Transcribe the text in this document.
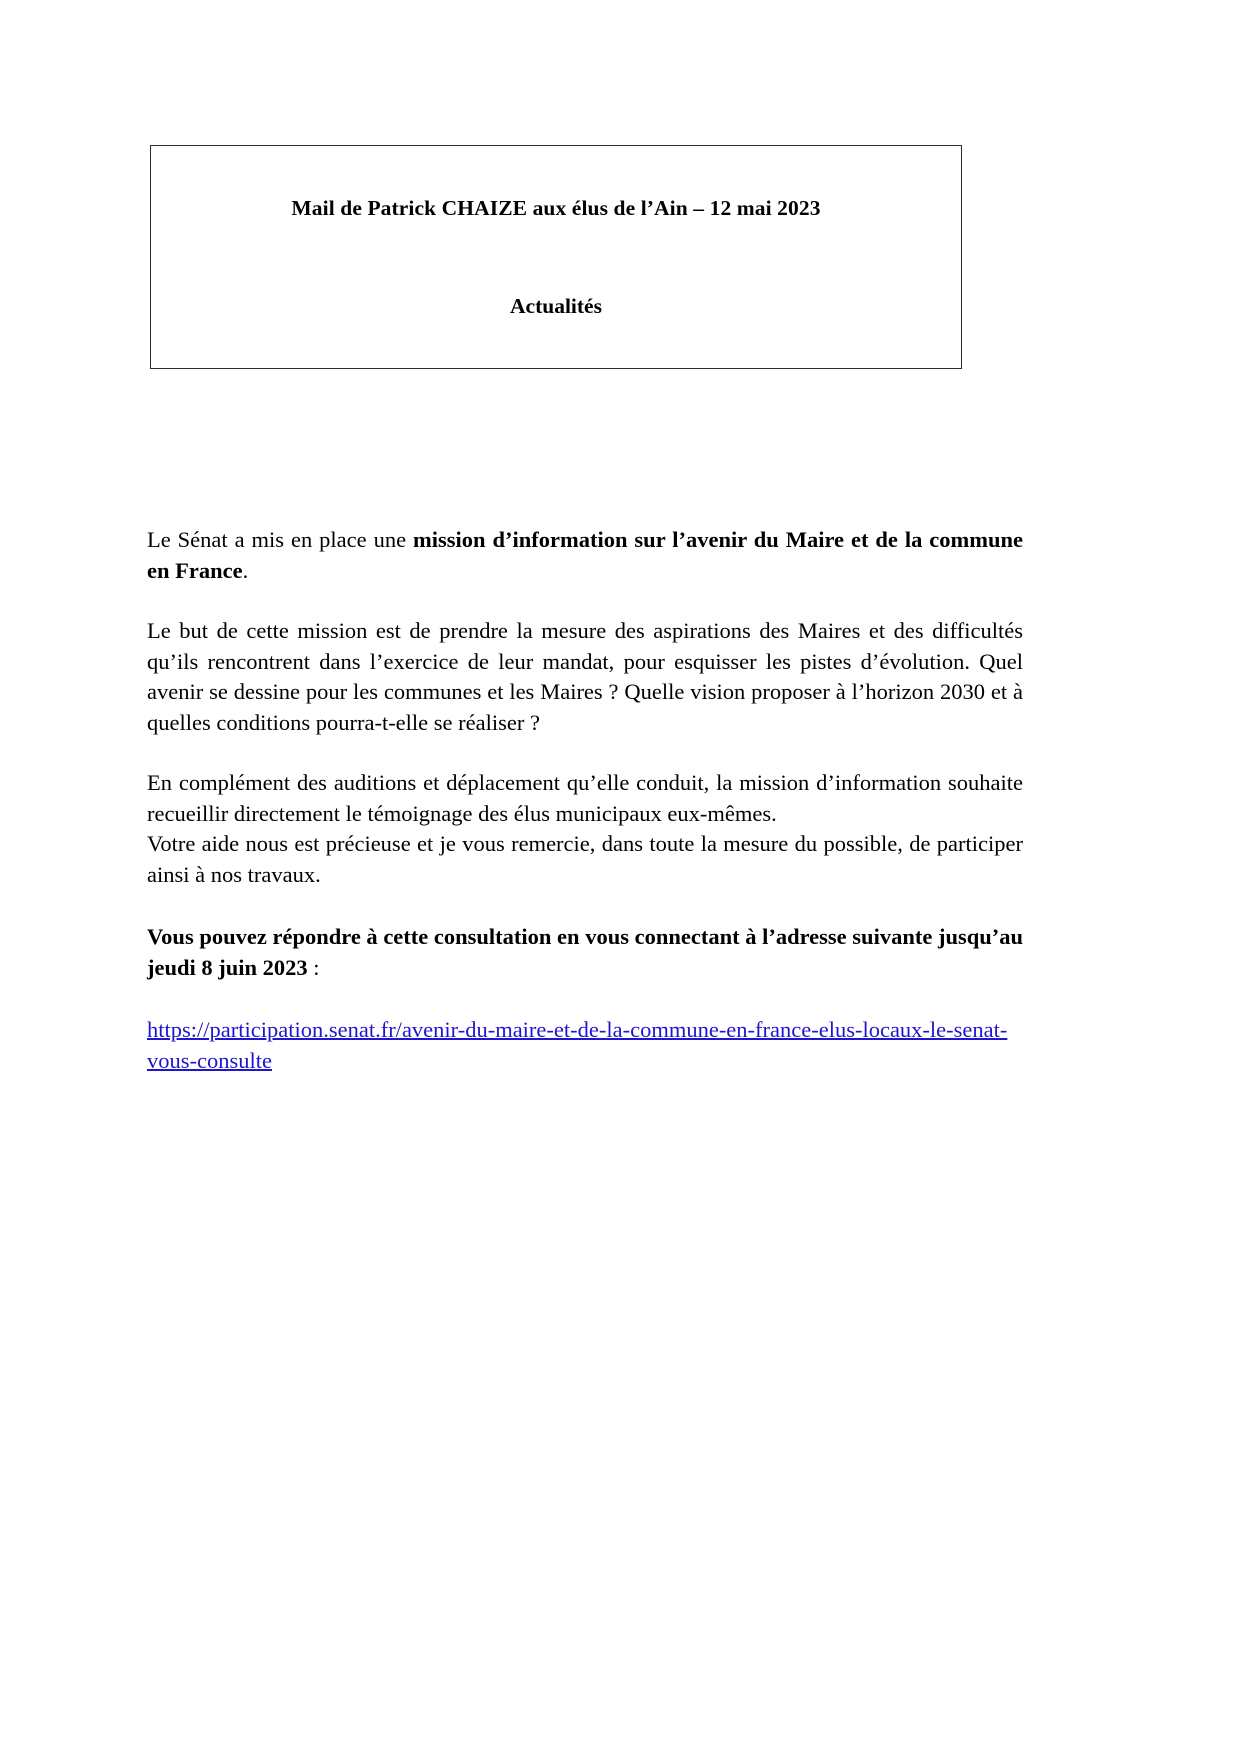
Mail de Patrick CHAIZE aux élus de l’Ain – 12 mai 2023
Actualités

Le Sénat a mis en place une mission d’information sur l’avenir du Maire et de la commune en France.

Le but de cette mission est de prendre la mesure des aspirations des Maires et des difficultés qu’ils rencontrent dans l’exercice de leur mandat, pour esquisser les pistes d’évolution. Quel avenir se dessine pour les communes et les Maires ? Quelle vision proposer à l’horizon 2030 et à quelles conditions pourra-t-elle se réaliser ?

En complément des auditions et déplacement qu’elle conduit, la mission d’information souhaite recueillir directement le témoignage des élus municipaux eux-mêmes.

Votre aide nous est précieuse et je vous remercie, dans toute la mesure du possible, de participer ainsi à nos travaux.

Vous pouvez répondre à cette consultation en vous connectant à l’adresse suivante jusqu’au jeudi 8 juin 2023 :

https://participation.senat.fr/avenir-du-maire-et-de-la-commune-en-france-elus-locaux-le-senat-vous-consulte
